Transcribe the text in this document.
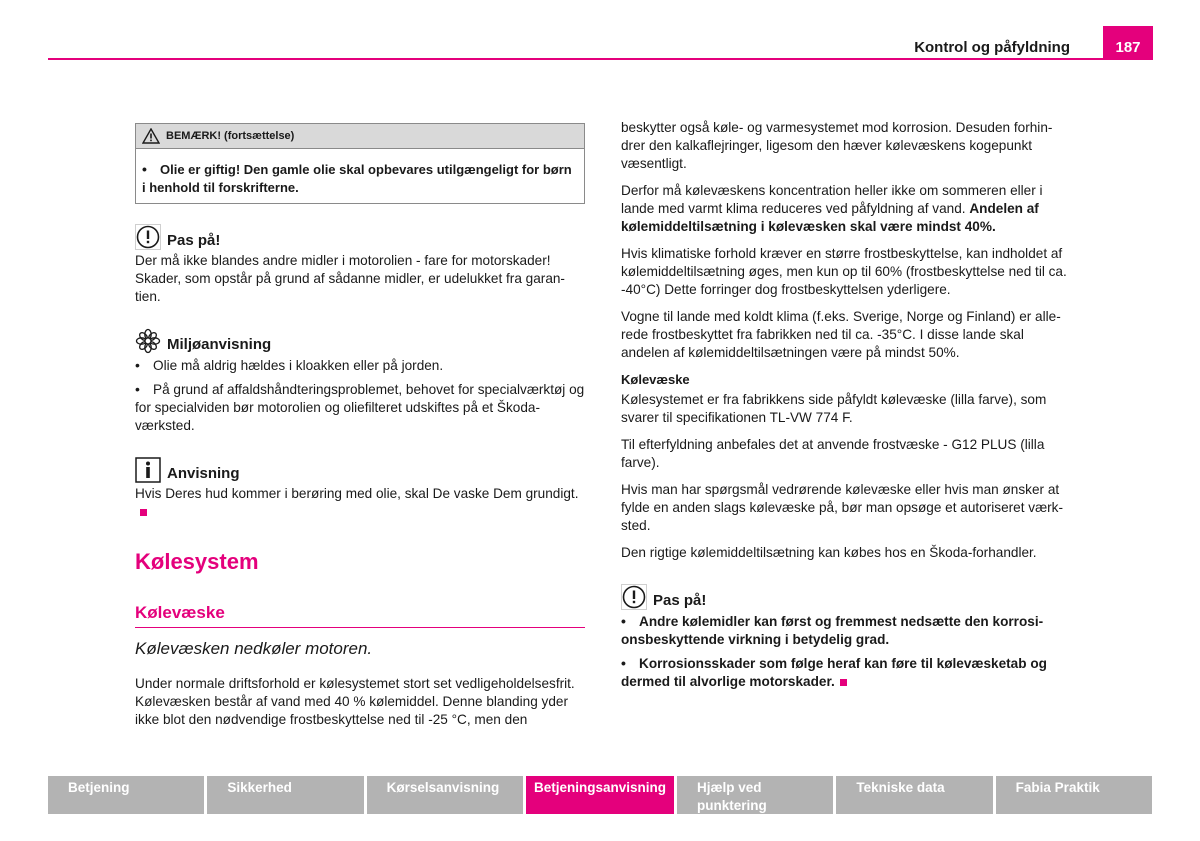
Kontrol og påfyldning	187
BEMÆRK! (fortsættelse)
• Olie er giftig! Den gamle olie skal opbevares utilgængeligt for børn i henhold til forskrifterne.
Pas på!

Der må ikke blandes andre midler i motorolien - fare for motorskader! Skader, som opstår på grund af sådanne midler, er udelukket fra garan-tien.

Miljøanvisning
• Olie må aldrig hældes i kloakken eller på jorden.
• På grund af affaldshåndteringsproblemet, behovet for specialværktøj og for specialviden bør motorolien og oliefilteret udskiftes på et Škoda-værksted.
Anvisning

Hvis Deres hud kommer i berøring med olie, skal De vaske Dem grundigt.

Kølesystem
Kølevæske
Kølevæsken nedkøler motoren.

Under normale driftsforhold er kølesystemet stort set vedligeholdelsesfrit. Kølevæsken består af vand med 40 % kølemiddel. Denne blanding yder ikke blot den nødvendige frostbeskyttelse ned til -25 °C, men den

beskytter også køle- og varmesystemet mod korrosion. Desuden forhin-drer den kalkaflejringer, ligesom den hæver kølevæskens kogepunkt væsentligt.

Derfor må kølevæskens koncentration heller ikke om sommeren eller i lande med varmt klima reduceres ved påfyldning af vand. Andelen af kølemiddeltilsætning i kølevæsken skal være mindst 40%.

Hvis klimatiske forhold kræver en større frostbeskyttelse, kan indholdet af kølemiddeltilsætning øges, men kun op til 60% (frostbeskyttelse ned til ca. -40°C) Dette forringer dog frostbeskyttelsen yderligere.

Vogne til lande med koldt klima (f.eks. Sverige, Norge og Finland) er alle-rede frostbeskyttet fra fabrikken ned til ca. -35°C. I disse lande skal andelen af kølemiddeltilsætningen være på mindst 50%.

Kølevæske

Kølesystemet er fra fabrikkens side påfyldt kølevæske (lilla farve), som svarer til specifikationen TL-VW 774 F.

Til efterfyldning anbefales det at anvende frostvæske - G12 PLUS (lilla farve).

Hvis man har spørgsmål vedrørende kølevæske eller hvis man ønsker at fylde en anden slags kølevæske på, bør man opsøge et autoriseret værk-sted.

Den rigtige kølemiddeltilsætning kan købes hos en Škoda-forhandler.

Pas på!
• Andre kølemidler kan først og fremmest nedsætte den korrosi-onsbeskyttende virkning i betydelig grad.
• Korrosionsskader som følge heraf kan føre til kølevæsketab og dermed til alvorlige motorskader.
Betjening	Sikkerhed	Kørselsanvisning	Betjeningsanvisning	Hjælp ved punktering
Tekniske data	Fabia Praktik
